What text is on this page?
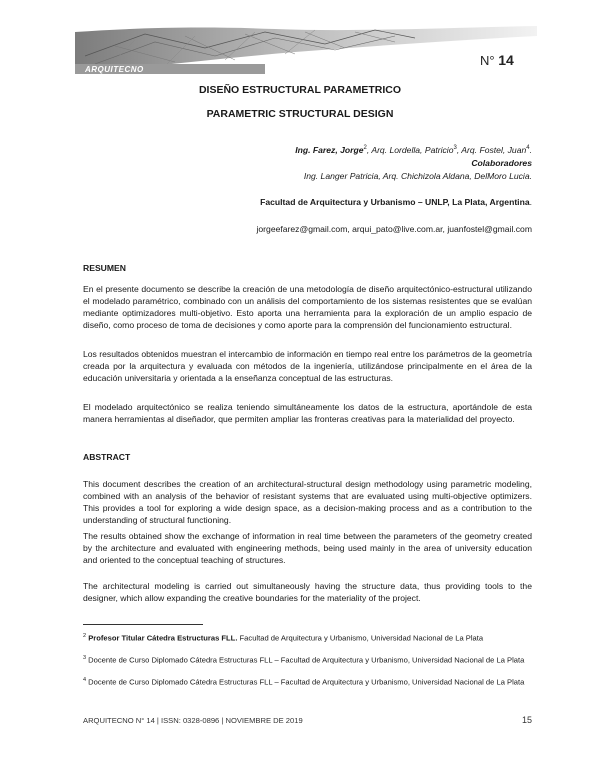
ARQUITECNO
N° 14
DISEÑO ESTRUCTURAL PARAMETRICO
PARAMETRIC STRUCTURAL DESIGN
Ing. Farez, Jorge$^2$, Arq. Lordella, Patricio$^3$, Arq. Fostel, Juan$^4$.
Colaboradores
Ing. Langer Patricia, Arq. Chichizola Aldana, DelMoro Lucia.
Facultad de Arquitectura y Urbanismo – UNLP, La Plata, Argentina.
jorgeefarez@gmail.com, arqui_pato@live.com.ar, juanfostel@gmail.com
RESUMEN

En el presente documento se describe la creación de una metodología de diseño arquitectónico-estructural utilizando el modelado paramétrico, combinado con un análisis del comportamiento de los sistemas resistentes que se evalúan mediante optimizadores multi-objetivo. Esto aporta una herramienta para la exploración de un amplio espacio de diseño, como proceso de toma de decisiones y como aporte para la comprensión del funcionamiento estructural.

Los resultados obtenidos muestran el intercambio de información en tiempo real entre los parámetros de la geometría creada por la arquitectura y evaluada con métodos de la ingeniería, utilizándose principalmente en el área de la educación universitaria y orientada a la enseñanza conceptual de las estructuras.

El modelado arquitectónico se realiza teniendo simultáneamente los datos de la estructura, aportándole de esta manera herramientas al diseñador, que permiten ampliar las fronteras creativas para la materialidad del proyecto.

ABSTRACT

This document describes the creation of an architectural-structural design methodology using parametric modeling, combined with an analysis of the behavior of resistant systems that are evaluated using multi-objective optimizers. This provides a tool for exploring a wide design space, as a decision-making process and as a contribution to the understanding of structural functioning.

The results obtained show the exchange of information in real time between the parameters of the geometry created by the architecture and evaluated with engineering methods, being used mainly in the area of university education and oriented to the conceptual teaching of structures.

The architectural modeling is carried out simultaneously having the structure data, thus providing tools to the designer, which allow expanding the creative boundaries for the materiality of the project.

$^2$ Profesor Titular Cátedra Estructuras FLL. Facultad de Arquitectura y Urbanismo, Universidad Nacional de La Plata

$^3$ Docente de Curso Diplomado Cátedra Estructuras FLL – Facultad de Arquitectura y Urbanismo, Universidad Nacional de La Plata

$^4$ Docente de Curso Diplomado Cátedra Estructuras FLL – Facultad de Arquitectura y Urbanismo, Universidad Nacional de La Plata

ARQUITECNO N° 14 | ISSN: 0328-0896 | NOVIEMBRE DE 2019	15
